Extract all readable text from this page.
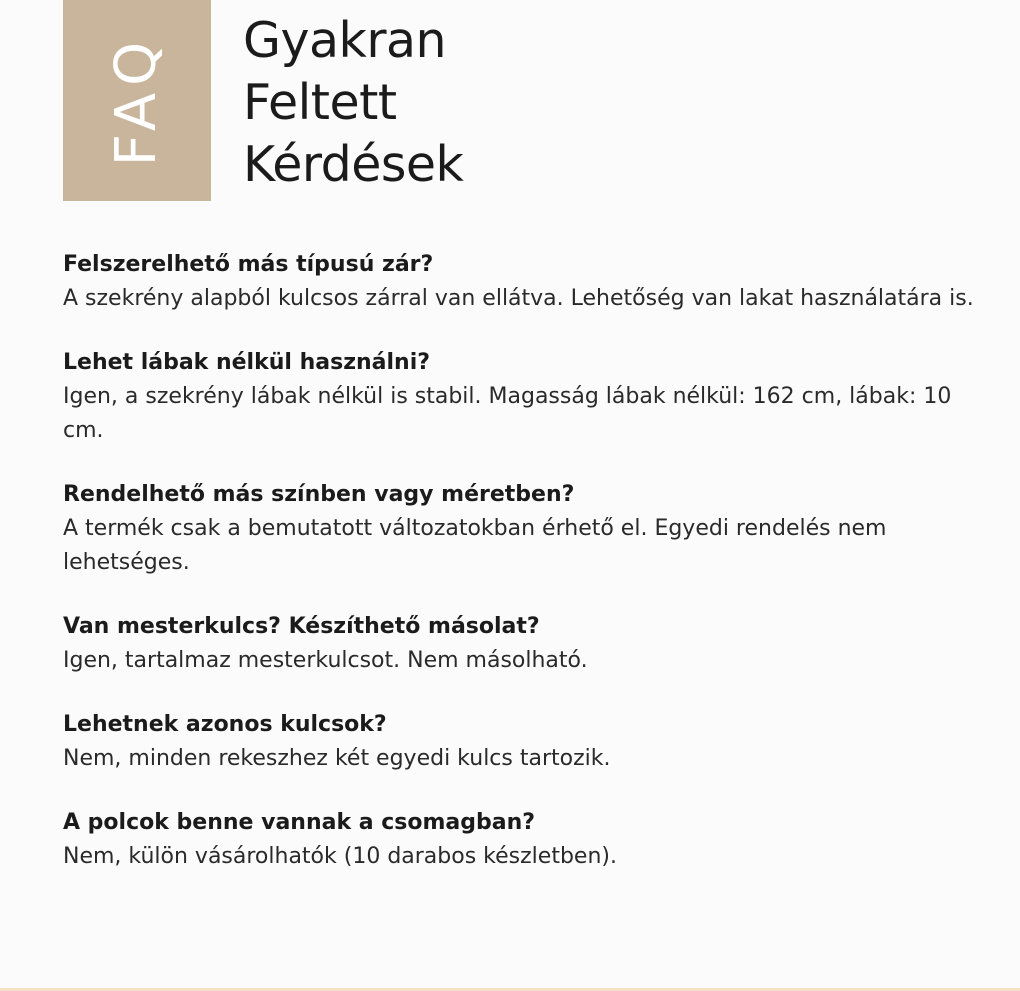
FAQ Gyakran
Feltett
Kérdések

Felszerelhető más típusú zár?

A szekrény alapból kulcsos zárral van ellátva. Lehetőség van lakat használatára is.

Lehet lábak nélkül használni?

Igen, a szekrény lábak nélkül is stabil. Magasság lábak nélkül: 162 cm, lábak: 10 cm.

Rendelhető más színben vagy méretben?

A termék csak a bemutatott változatokban érhető el. Egyedi rendelés nem lehetséges.

Van mesterkulcs? Készíthető másolat?

Igen, tartalmaz mesterkulcsot. Nem másolható.

Lehetnek azonos kulcsok?

Nem, minden rekeszhez két egyedi kulcs tartozik.

A polcok benne vannak a csomagban?

Nem, külön vásárolhatók (10 darabos készletben).
